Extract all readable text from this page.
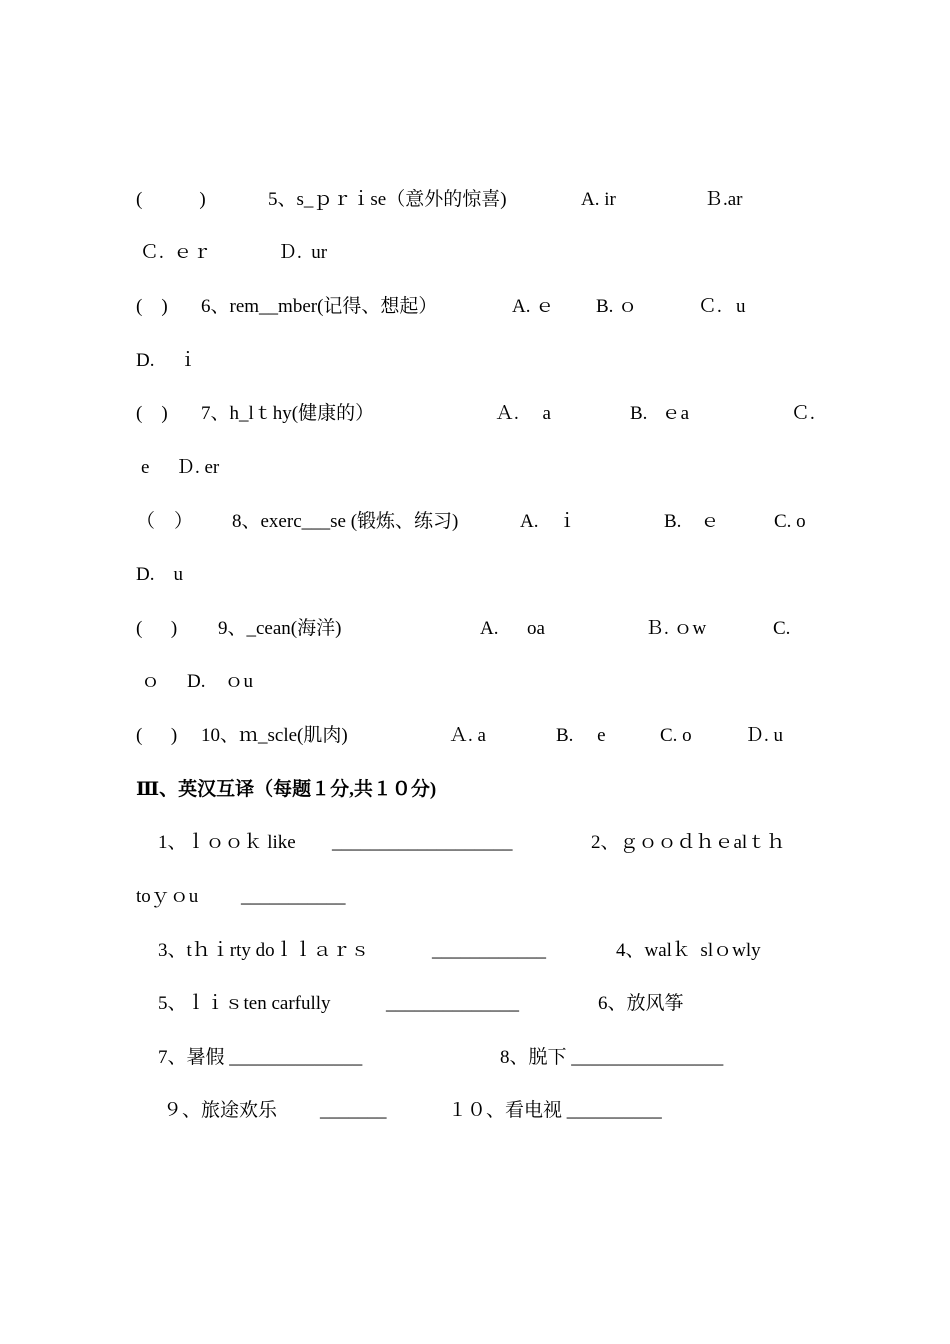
(            )	5、s_ｐｒｉse（意外的惊喜)	A. ir	Ｂ.ar
Ｃ.  ｅｒ	Ｄ.  ur
(    ) 6、rem__mber(记得、想起）	A. ｅ B. ｏ	Ｃ.   u
D.     ｉ
(    ) 7、h_lｔhy(健康的）	Ａ.     a	B.   ｅa	Ｃ.
e Ｄ. er
（    ） 8、exerc___se (锻炼、练习)	A.    ｉ	B.    ｅ	C. o
D.    u
(      ) 9、_cean(海洋)	A.      oa	Ｂ. ｏw	C.
ｏ D.    ｏu
(      ) 10、ｍ_scle(肌肉)	Ａ. a	B.     e	C. o	Ｄ. u
Ⅲ、英汉互译（每题１分,共１０分)
1、ｌｏｏｋ like ___________________	2、ｇｏｏｄｈｅalｔｈ
toｙｏu ___________
3、tｈｉrty doｌｌａｒｓ	____________	4、walｋ  slｏwly
5、ｌｉｓten carfully	______________	6、放风筝
7、暑假 ______________	8、脱下 ________________
９、旅途欢乐 _______	１０、看电视 __________
